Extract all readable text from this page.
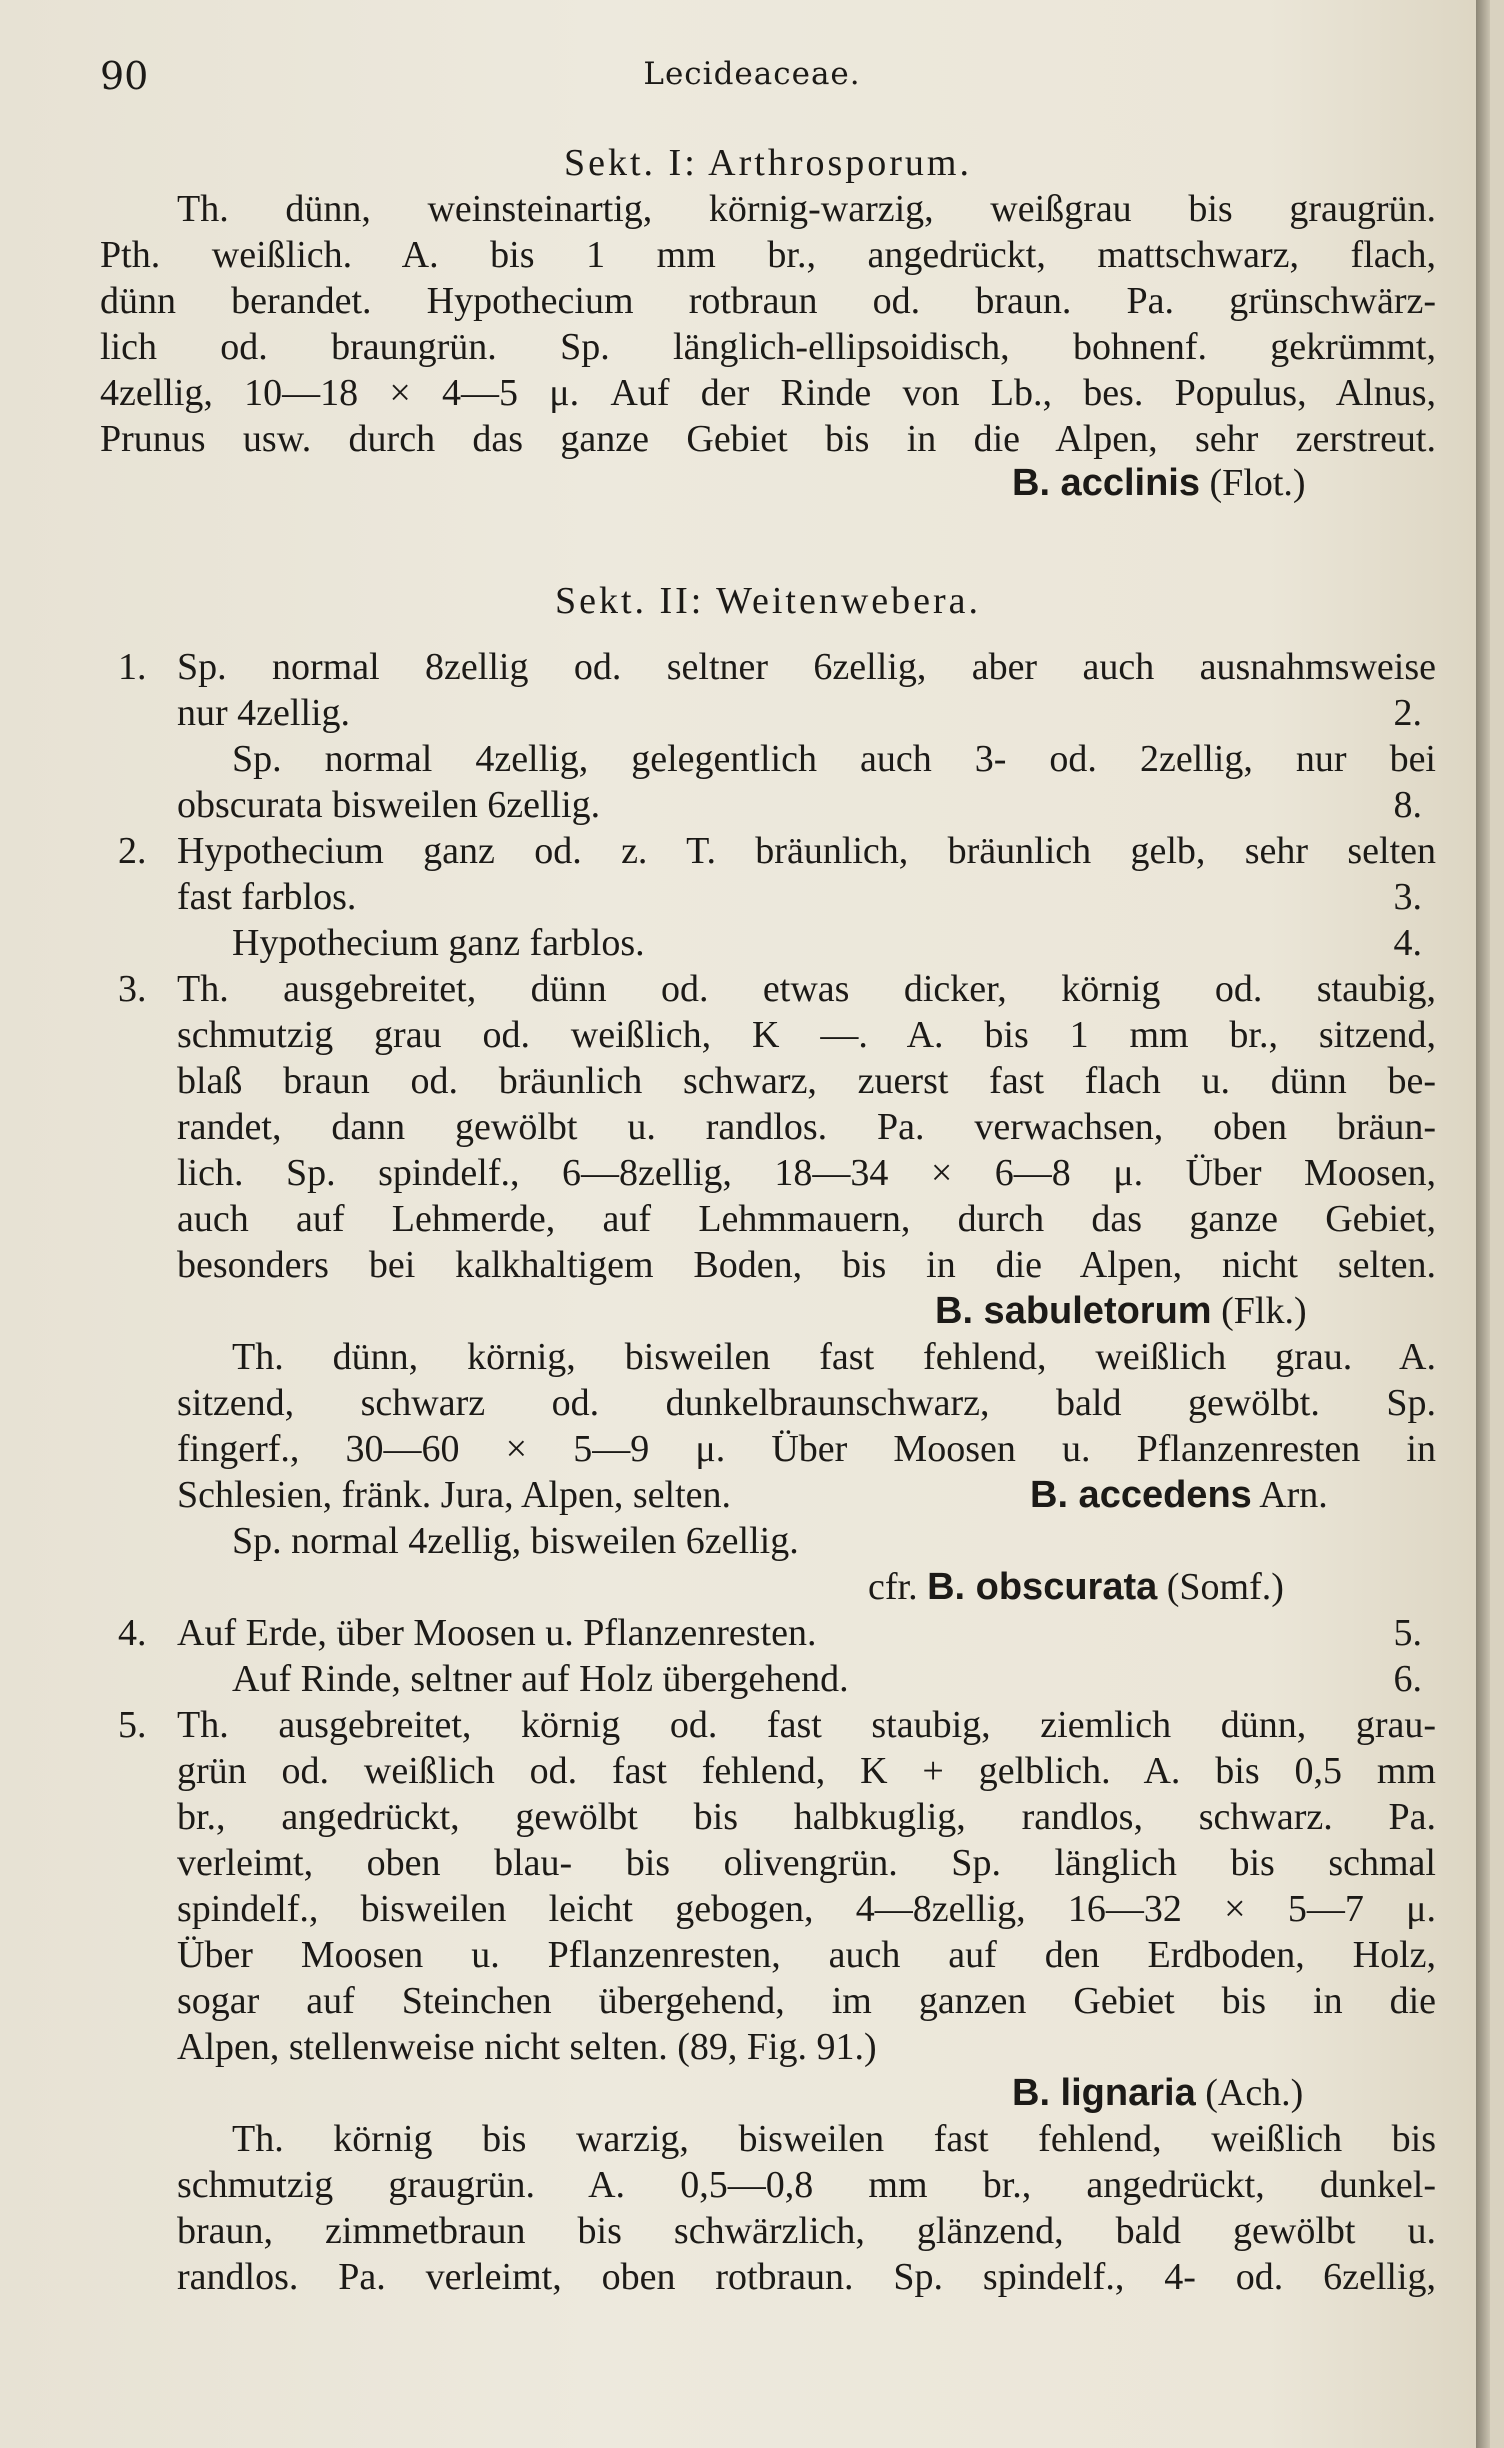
90	Lecideaceae.
Sekt. I: Arthrosporum.
Th. dünn, weinsteinartig, körnig-warzig, weißgrau bis graugrün.
Pth. weißlich. A. bis 1 mm br., angedrückt, mattschwarz, flach,
dünn berandet. Hypothecium rotbraun od. braun. Pa. grünschwärz-
lich od. braungrün. Sp. länglich-ellipsoidisch, bohnenf. gekrümmt,
4zellig, 10—18 × 4—5 μ. Auf der Rinde von Lb., bes. Populus, Alnus,
Prunus usw. durch das ganze Gebiet bis in die Alpen, sehr zerstreut.
B. acclinis (Flot.)
Sekt. II: Weitenwebera.
1. Sp. normal 8zellig od. seltner 6zellig, aber auch ausnahmsweise
nur 4zellig.	2.
Sp. normal 4zellig, gelegentlich auch 3- od. 2zellig, nur bei
obscurata bisweilen 6zellig.	8.
2. Hypothecium ganz od. z. T. bräunlich, bräunlich gelb, sehr selten
fast farblos.	3.
Hypothecium ganz farblos.	4.
3. Th. ausgebreitet, dünn od. etwas dicker, körnig od. staubig,
schmutzig grau od. weißlich, K —. A. bis 1 mm br., sitzend,
blaß braun od. bräunlich schwarz, zuerst fast flach u. dünn be-
randet, dann gewölbt u. randlos. Pa. verwachsen, oben bräun-
lich. Sp. spindelf., 6—8zellig, 18—34 × 6—8 μ. Über Moosen,
auch auf Lehmerde, auf Lehmmauern, durch das ganze Gebiet,
besonders bei kalkhaltigem Boden, bis in die Alpen, nicht selten.
B. sabuletorum (Flk.)
Th. dünn, körnig, bisweilen fast fehlend, weißlich grau. A.
sitzend, schwarz od. dunkelbraunschwarz, bald gewölbt. Sp.
fingerf., 30—60 × 5—9 μ. Über Moosen u. Pflanzenresten in
Schlesien, fränk. Jura, Alpen, selten.	B. accedens Arn.
Sp. normal 4zellig, bisweilen 6zellig.
cfr. B. obscurata (Somf.)
4. Auf Erde, über Moosen u. Pflanzenresten.	5.
Auf Rinde, seltner auf Holz übergehend.	6.
5. Th. ausgebreitet, körnig od. fast staubig, ziemlich dünn, grau-
grün od. weißlich od. fast fehlend, K + gelblich. A. bis 0,5 mm
br., angedrückt, gewölbt bis halbkuglig, randlos, schwarz. Pa.
verleimt, oben blau- bis olivengrün. Sp. länglich bis schmal
spindelf., bisweilen leicht gebogen, 4—8zellig, 16—32 × 5—7 μ.
Über Moosen u. Pflanzenresten, auch auf den Erdboden, Holz,
sogar auf Steinchen übergehend, im ganzen Gebiet bis in die
Alpen, stellenweise nicht selten. (89, Fig. 91.)
B. lignaria (Ach.)
Th. körnig bis warzig, bisweilen fast fehlend, weißlich bis
schmutzig graugrün. A. 0,5—0,8 mm br., angedrückt, dunkel-
braun, zimmetbraun bis schwärzlich, glänzend, bald gewölbt u.
randlos. Pa. verleimt, oben rotbraun. Sp. spindelf., 4- od. 6zellig,
